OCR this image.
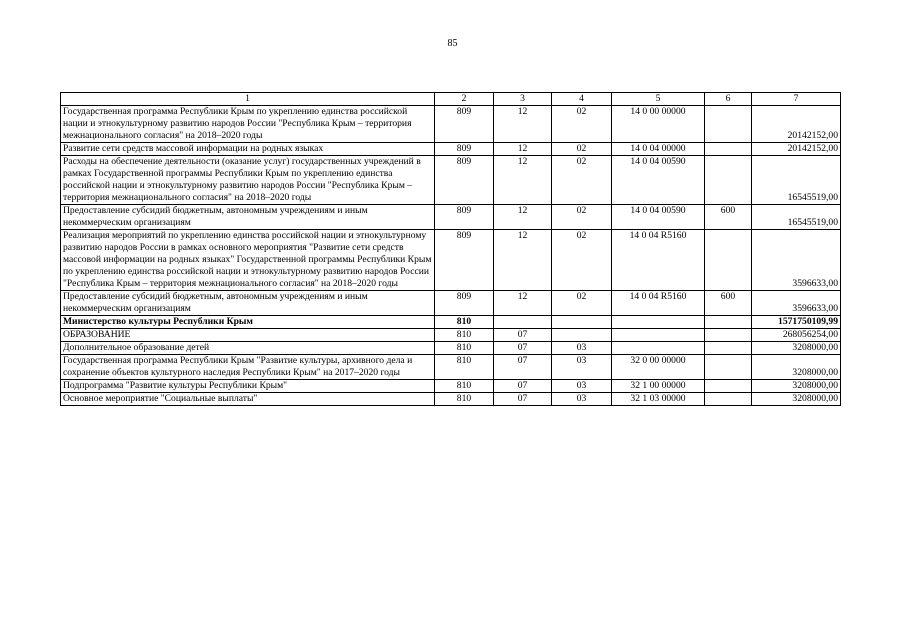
85
1	2	3	4	5	6	7
Государственная программа Республики Крым по укреплению единства российской нации и этнокультурному развитию народов России "Республика Крым – территория межнационального согласия" на 2018–2020 годы	809	12	02	14 0 00 00000		20142152,00
Развитие сети средств массовой информации на родных языках	809	12	02	14 0 04 00000		20142152,00
Расходы на обеспечение деятельности (оказание услуг) государственных учреждений в рамках Государственной программы Республики Крым по укреплению единства российской нации и этнокультурному развитию народов России "Республика Крым – территория межнационального согласия" на 2018–2020 годы	809	12	02	14 0 04 00590		16545519,00
Предоставление субсидий бюджетным, автономным учреждениям и иным некоммерческим организациям	809	12	02	14 0 04 00590	600	16545519,00
Реализация мероприятий по укреплению единства российской нации и этнокультурному развитию народов России в рамках основного мероприятия "Развитие сети средств массовой информации на родных языках" Государственной программы Республики Крым по укреплению единства российской нации и этнокультурному развитию народов России "Республика Крым – территория межнационального согласия" на 2018–2020 годы	809	12	02	14 0 04 R5160		3596633,00
Предоставление субсидий бюджетным, автономным учреждениям и иным некоммерческим организациям	809	12	02	14 0 04 R5160	600	3596633,00
Министерство культуры Республики Крым	810					1571750109,99
ОБРАЗОВАНИЕ	810	07				268056254,00
Дополнительное образование детей	810	07	03			3208000,00
Государственная программа Республики Крым "Развитие культуры, архивного дела и сохранение объектов культурного наследия Республики Крым" на 2017–2020 годы	810	07	03	32 0 00 00000		3208000,00
Подпрограмма "Развитие культуры Республики Крым"	810	07	03	32 1 00 00000		3208000,00
Основное мероприятие "Социальные выплаты"	810	07	03	32 1 03 00000		3208000,00
